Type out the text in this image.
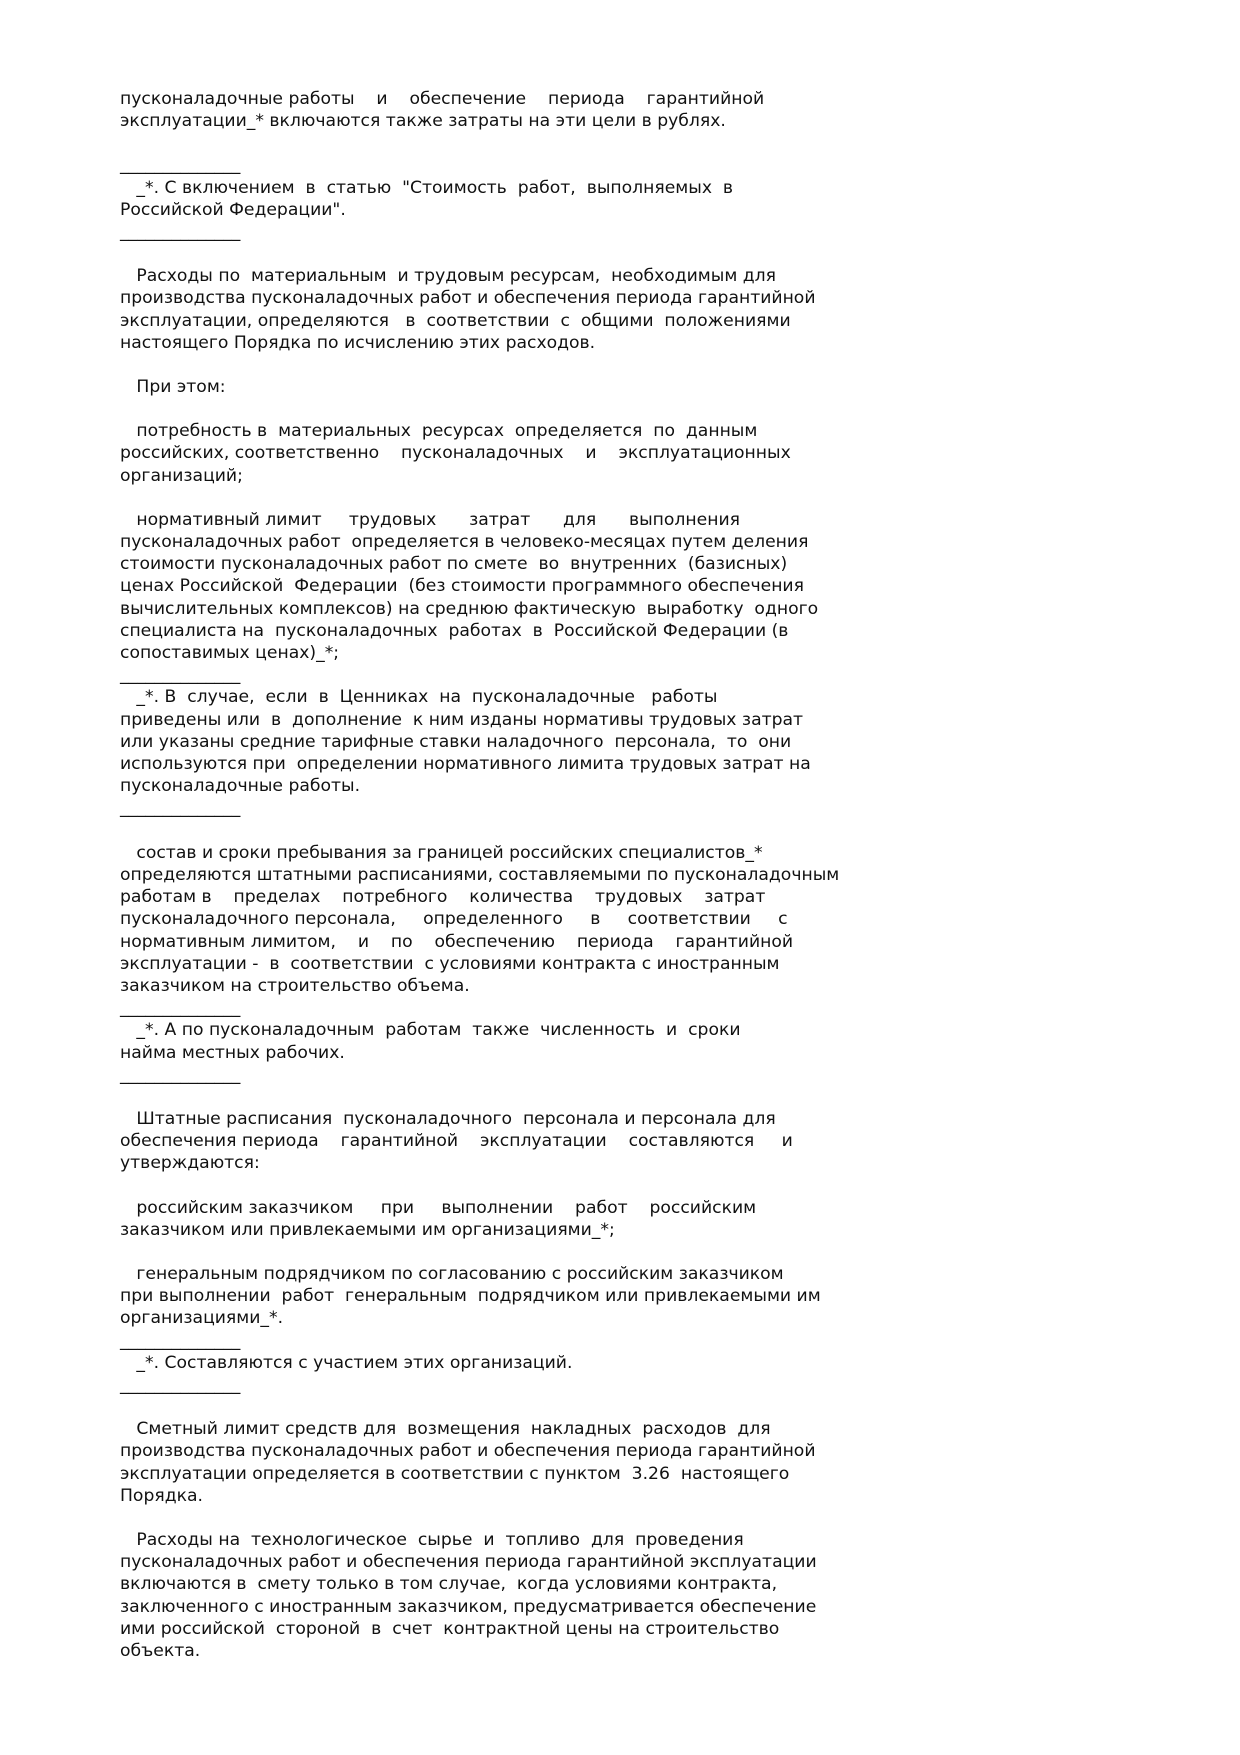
пусконаладочные работы    и    обеспечение    периода    гарантийной
эксплуатации_* включаются также затраты на эти цели в рублях.

______________

_*. С включением  в  статью  "Стоимость  работ,  выполняемых  в
Российской Федерации".

______________

Расходы по  материальным  и трудовым ресурсам,  необходимым для
производства пусконаладочных работ и обеспечения периода гарантийной
эксплуатации, определяются   в  соответствии  с  общими  положениями
настоящего Порядка по исчислению этих расходов.

При этом:

потребность в  материальных  ресурсах  определяется  по  данным
российских, соответственно    пусконаладочных    и    эксплуатационных
организаций;

нормативный лимит     трудовых      затрат      для      выполнения
пусконаладочных работ  определяется в человеко-месяцах путем деления
стоимости пусконаладочных работ по смете  во  внутренних  (базисных)
ценах Российской  Федерации  (без стоимости программного обеспечения
вычислительных комплексов) на среднюю фактическую  выработку  одного
специалиста на  пусконаладочных  работах  в  Российской Федерации (в
сопоставимых ценах)_*;

______________

_*. В  случае,  если  в  Ценниках  на  пусконаладочные   работы
приведены или  в  дополнение  к ним изданы нормативы трудовых затрат
или указаны средние тарифные ставки наладочного  персонала,  то  они
используются при  определении нормативного лимита трудовых затрат на
пусконаладочные работы.

______________

состав и сроки пребывания за границей российских специалистов_*
определяются штатными расписаниями, составляемыми по пусконаладочным
работам в    пределах    потребного    количества    трудовых    затрат
пусконаладочного персонала,     определенного     в     соответствии     с
нормативным лимитом,    и    по    обеспечению    периода    гарантийной
эксплуатации -  в  соответствии  с условиями контракта с иностранным
заказчиком на строительство объема.

______________

_*. А по пусконаладочным  работам  также  численность  и  сроки
найма местных рабочих.

______________

Штатные расписания  пусконаладочного  персонала и персонала для
обеспечения периода    гарантийной    эксплуатации    составляются     и
утверждаются:

российским заказчиком     при     выполнении    работ    российским
заказчиком или привлекаемыми им организациями_*;

генеральным подрядчиком по согласованию с российским заказчиком
при выполнении  работ  генеральным  подрядчиком или привлекаемыми им
организациями_*.

______________

_*. Составляются с участием этих организаций.

______________

Сметный лимит средств для  возмещения  накладных  расходов  для
производства пусконаладочных работ и обеспечения периода гарантийной
эксплуатации определяется в соответствии с пунктом  3.26  настоящего
Порядка.

Расходы на  технологическое  сырье  и  топливо  для  проведения
пусконаладочных работ и обеспечения периода гарантийной эксплуатации
включаются в  смету только в том случае,  когда условиями контракта,
заключенного с иностранным заказчиком, предусматривается обеспечение
ими российской  стороной  в  счет  контрактной цены на строительство
объекта.
